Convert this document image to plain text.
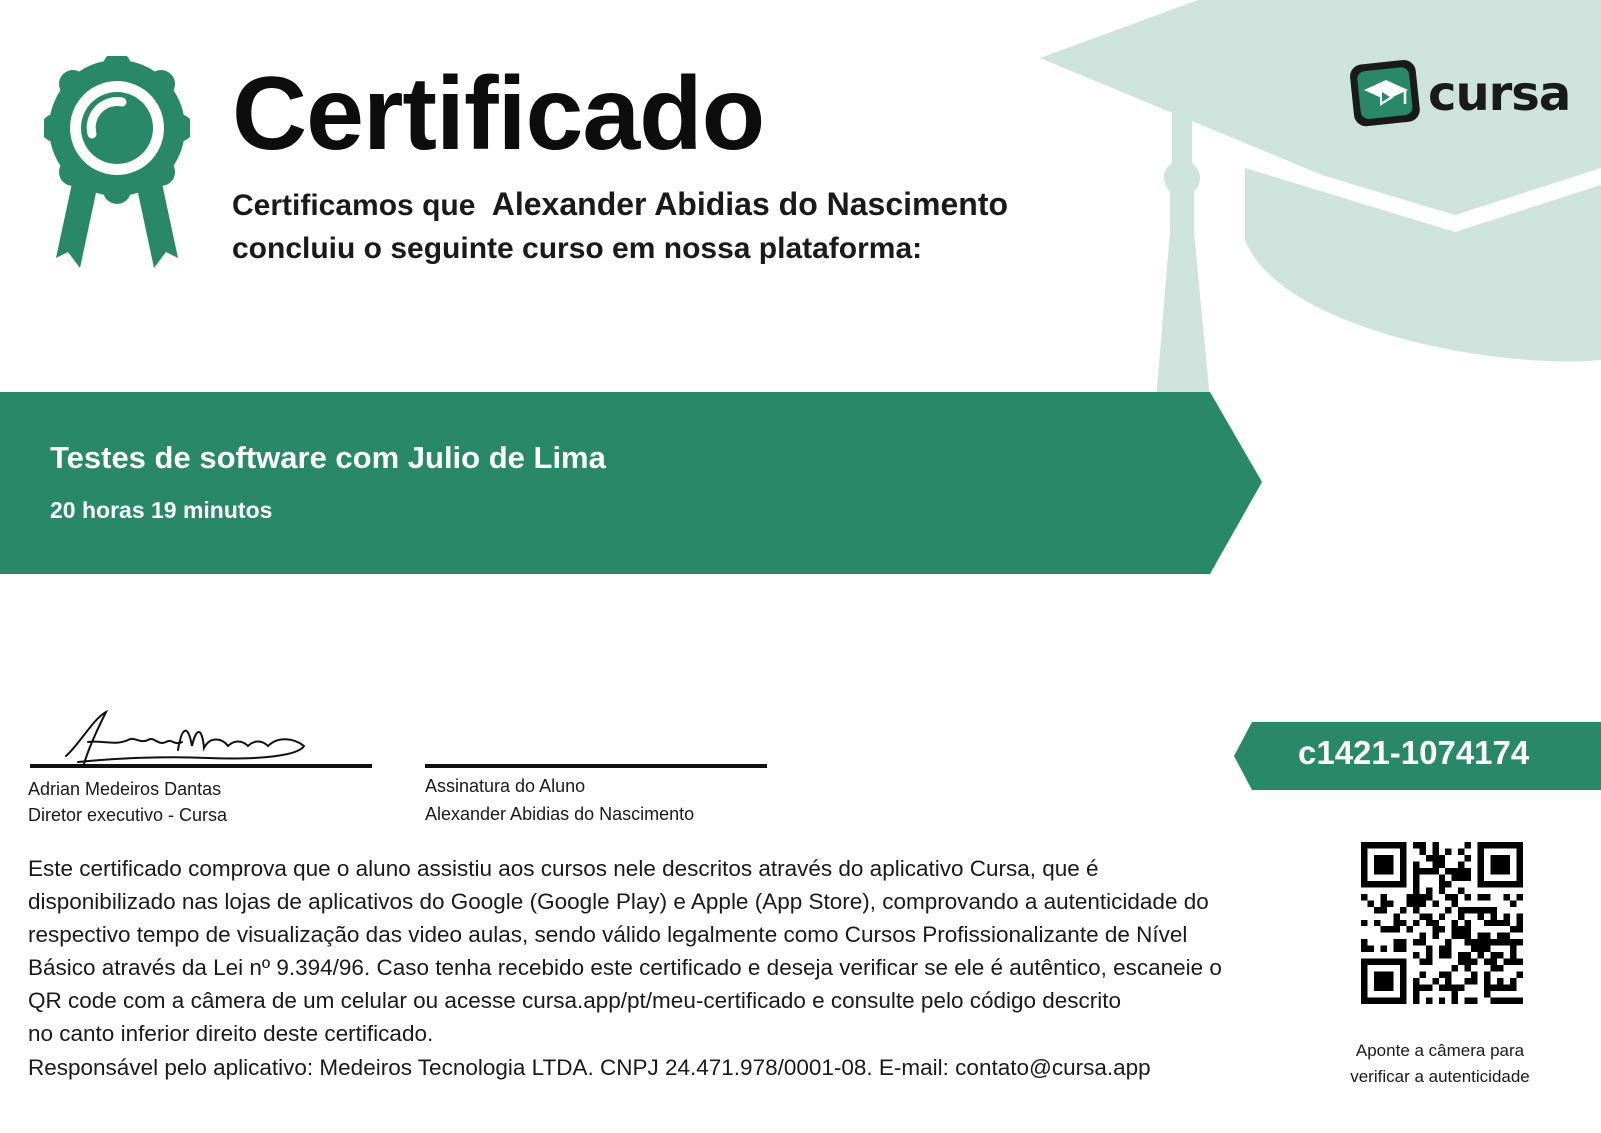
cursa
Certificado
Certificamos que Alexander Abidias do Nascimento
concluiu o seguinte curso em nossa plataforma:
Testes de software com Julio de Lima
20 horas 19 minutos
Adrian Medeiros Dantas
Diretor executivo - Cursa
Assinatura do Aluno
Alexander Abidias do Nascimento
c1421-1074174
Este certificado comprova que o aluno assistiu aos cursos nele descritos através do aplicativo Cursa, que é
disponibilizado nas lojas de aplicativos do Google (Google Play) e Apple (App Store), comprovando a autenticidade do
respectivo tempo de visualização das video aulas, sendo válido legalmente como Cursos Profissionalizante de Nível
Básico através da Lei nº 9.394/96. Caso tenha recebido este certificado e deseja verificar se ele é autêntico, escaneie o
QR code com a câmera de um celular ou acesse cursa.app/pt/meu-certificado e consulte pelo código descrito
no canto inferior direito deste certificado.
Responsável pelo aplicativo: Medeiros Tecnologia LTDA. CNPJ 24.471.978/0001-08. E-mail: contato@cursa.app
Aponte a câmera para
verificar a autenticidade
